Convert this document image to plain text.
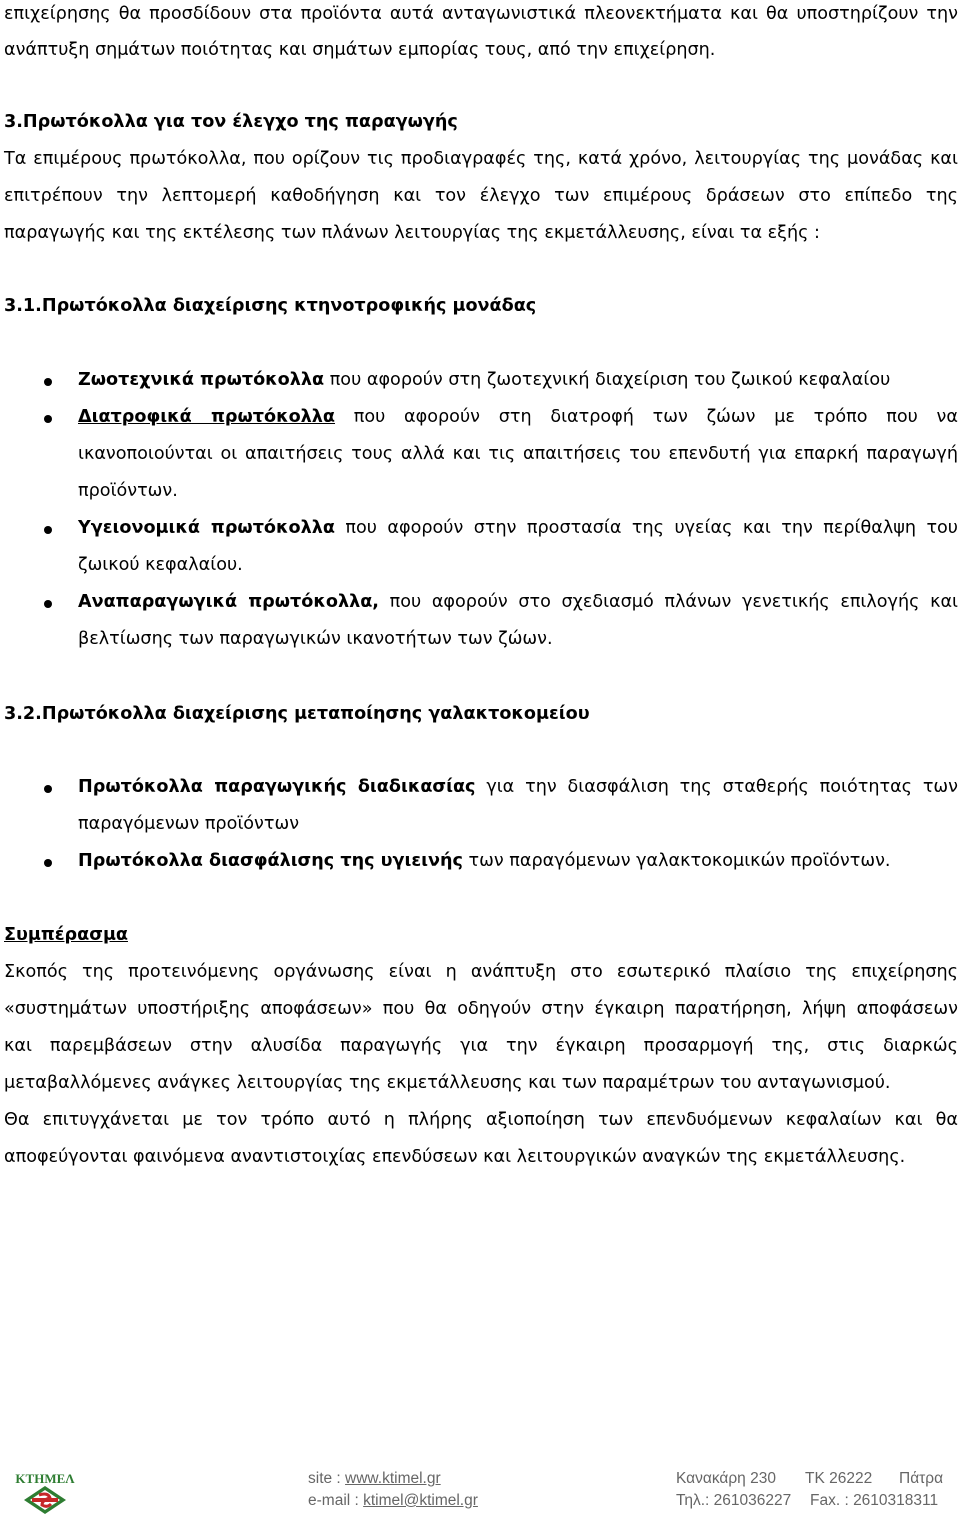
επιχείρησης θα προσδίδουν στα προϊόντα αυτά ανταγωνιστικά πλεονεκτήματα και θα υποστηρίζουν την
ανάπτυξη σημάτων ποιότητας και σημάτων εμπορίας τους, από την επιχείρηση.
3.Πρωτόκολλα για τον έλεγχο της παραγωγής
Τα επιμέρους πρωτόκολλα, που ορίζουν τις προδιαγραφές της, κατά χρόνο, λειτουργίας της μονάδας και
επιτρέπουν την λεπτομερή καθοδήγηση και τον έλεγχο των επιμέρους δράσεων στο επίπεδο της
παραγωγής και της εκτέλεσης των πλάνων λειτουργίας της εκμετάλλευσης, είναι τα εξής :
3.1.Πρωτόκολλα διαχείρισης κτηνοτροφικής μονάδας
Ζωοτεχνικά πρωτόκολλα που αφορούν στη ζωοτεχνική διαχείριση του ζωικού κεφαλαίου
Διατροφικά πρωτόκολλα που αφορούν στη διατροφή των ζώων με τρόπο που να
ικανοποιούνται οι απαιτήσεις τους αλλά και τις απαιτήσεις του επενδυτή για επαρκή παραγωγή
προϊόντων.
Υγειονομικά πρωτόκολλα που αφορούν στην προστασία της υγείας και την περίθαλψη του
ζωικού κεφαλαίου.
Αναπαραγωγικά πρωτόκολλα, που αφορούν στο σχεδιασμό πλάνων γενετικής επιλογής και
βελτίωσης των παραγωγικών ικανοτήτων των ζώων.
3.2.Πρωτόκολλα διαχείρισης μεταποίησης γαλακτοκομείου
Πρωτόκολλα παραγωγικής διαδικασίας για την διασφάλιση της σταθερής ποιότητας των
παραγόμενων προϊόντων
Πρωτόκολλα διασφάλισης της υγιεινής των παραγόμενων γαλακτοκομικών προϊόντων.
Συμπέρασμα
Σκοπός της προτεινόμενης οργάνωσης είναι η ανάπτυξη στο εσωτερικό πλαίσιο της επιχείρησης
«συστημάτων υποστήριξης αποφάσεων» που θα οδηγούν στην έγκαιρη παρατήρηση, λήψη αποφάσεων
και παρεμβάσεων στην αλυσίδα παραγωγής για την έγκαιρη προσαρμογή της, στις διαρκώς
μεταβαλλόμενες ανάγκες λειτουργίας της εκμετάλλευσης και των παραμέτρων του ανταγωνισμού.
Θα επιτυγχάνεται με τον τρόπο αυτό η πλήρης αξιοποίηση των επενδυόμενων κεφαλαίων και θα
αποφεύγονται φαινόμενα αναντιστοιχίας επενδύσεων και λειτουργικών αναγκών της εκμετάλλευσης.
ΚΤΗΜΕΛ	site : www.ktimel.gr
e-mail : ktimel@ktimel.gr
Κανακάρη 230 ΤΚ 26222 Πάτρα
Τηλ.: 261036227 Fax. : 2610318311
